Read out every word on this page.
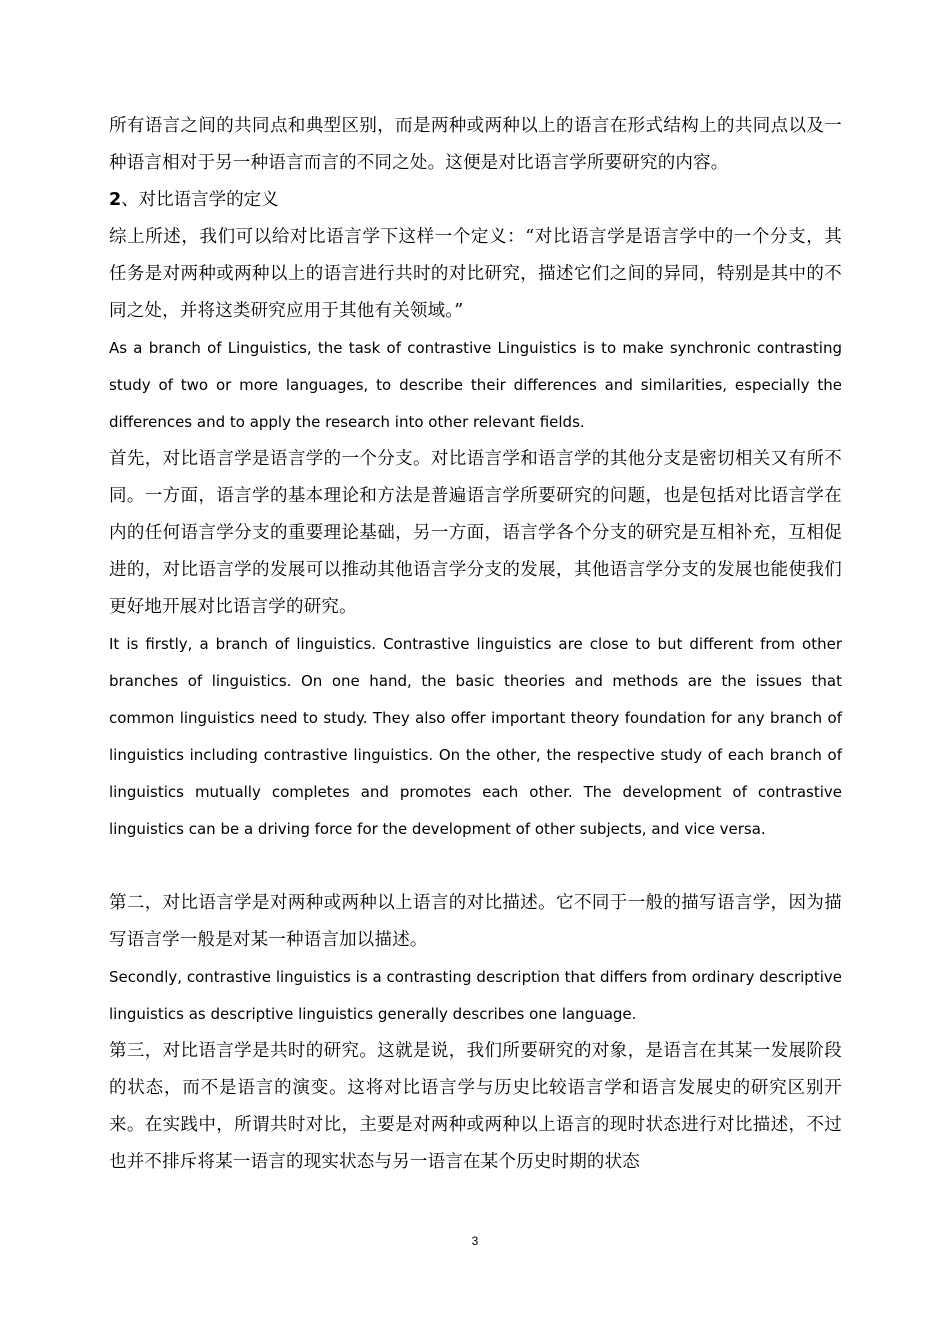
所有语言之间的共同点和典型区别，而是两种或两种以上的语言在形式结构上的共同点以及一种语言相对于另一种语言而言的不同之处。这便是对比语言学所要研究的内容。

2、对比语言学的定义

综上所述，我们可以给对比语言学下这样一个定义：“对比语言学是语言学中的一个分支，其任务是对两种或两种以上的语言进行共时的对比研究，描述它们之间的异同，特别是其中的不同之处，并将这类研究应用于其他有关领域。”

As a branch of Linguistics, the task of contrastive Linguistics is to make synchronic contrasting study of two or more languages, to describe their differences and similarities, especially the differences and to apply the research into other relevant fields.

首先，对比语言学是语言学的一个分支。对比语言学和语言学的其他分支是密切相关又有所不同。一方面，语言学的基本理论和方法是普遍语言学所要研究的问题，也是包括对比语言学在内的任何语言学分支的重要理论基础，另一方面，语言学各个分支的研究是互相补充，互相促进的，对比语言学的发展可以推动其他语言学分支的发展，其他语言学分支的发展也能使我们更好地开展对比语言学的研究。

It is firstly, a branch of linguistics. Contrastive linguistics are close to but different from other branches of linguistics. On one hand, the basic theories and methods are the issues that common linguistics need to study. They also offer important theory foundation for any branch of linguistics including contrastive linguistics. On the other, the respective study of each branch of linguistics mutually completes and promotes each other. The development of contrastive linguistics can be a driving force for the development of other subjects, and vice versa.

第二，对比语言学是对两种或两种以上语言的对比描述。它不同于一般的描写语言学，因为描写语言学一般是对某一种语言加以描述。

Secondly, contrastive linguistics is a contrasting description that differs from ordinary descriptive linguistics as descriptive linguistics generally describes one language.

第三，对比语言学是共时的研究。这就是说，我们所要研究的对象，是语言在其某一发展阶段的状态，而不是语言的演变。这将对比语言学与历史比较语言学和语言发展史的研究区别开来。在实践中，所谓共时对比，主要是对两种或两种以上语言的现时状态进行对比描述，不过也并不排斥将某一语言的现实状态与另一语言在某个历史时期的状态

3
